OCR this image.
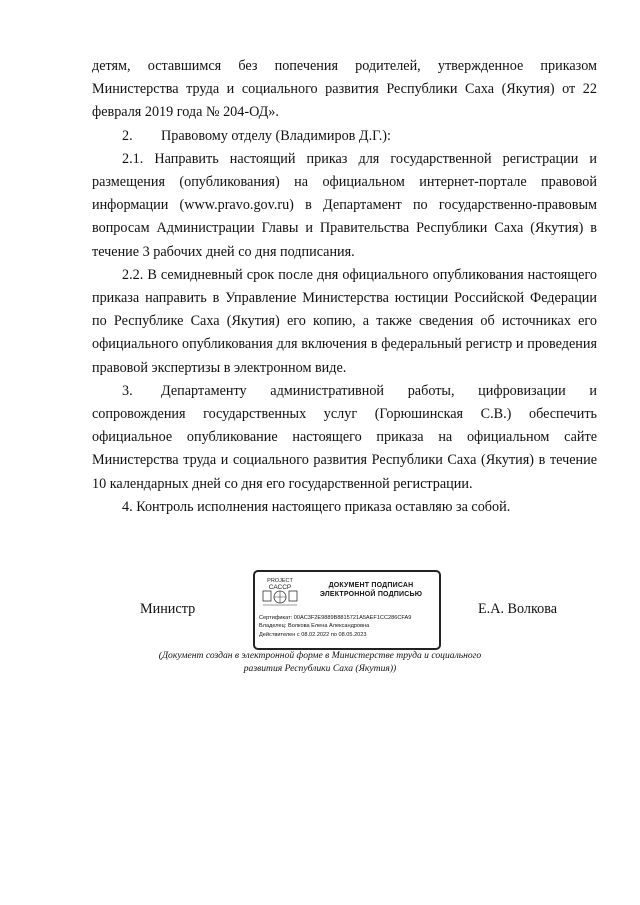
детям, оставшимся без попечения родителей, утвержденное приказом Министерства труда и социального развития Республики Саха (Якутия) от 22 февраля 2019 года № 204-ОД».

2.  Правовому отделу (Владимиров Д.Г.):

2.1. Направить настоящий приказ для государственной регистрации и размещения (опубликования) на официальном интернет-портале правовой информации (www.pravo.gov.ru) в Департамент по государственно-правовым вопросам Администрации Главы и Правительства Республики Саха (Якутия) в течение 3 рабочих дней со дня подписания.

2.2. В семидневный срок после дня официального опубликования настоящего приказа направить в Управление Министерства юстиции Российской Федерации по Республике Саха (Якутия) его копию, а также сведения об источниках его официального опубликования для включения в федеральный регистр и проведения правовой экспертизы в электронном виде.

3.  Департаменту административной работы, цифровизации и сопровождения государственных услуг (Горюшинская С.В.) обеспечить официальное опубликование настоящего приказа на официальном сайте Министерства труда и социального развития Республики Саха (Якутия) в течение 10 календарных дней со дня его государственной регистрации.

4. Контроль исполнения настоящего приказа оставляю за собой.

Министр
PROJECT
САССР	ДОКУМЕНТ ПОДПИСАН
ЭЛЕКТРОННОЙ ПОДПИСЬЮ
Сертификат: 00AC3F2E9889B8815721A5AEF1CC286CFA9
Владелец: Волкова Елена Александровна
Действителен с 08.02.2022 по 08.05.2023
Е.А. Волкова
(Документ создан в электронной форме в Министерстве труда и социального развития Республики Саха (Якутия))
